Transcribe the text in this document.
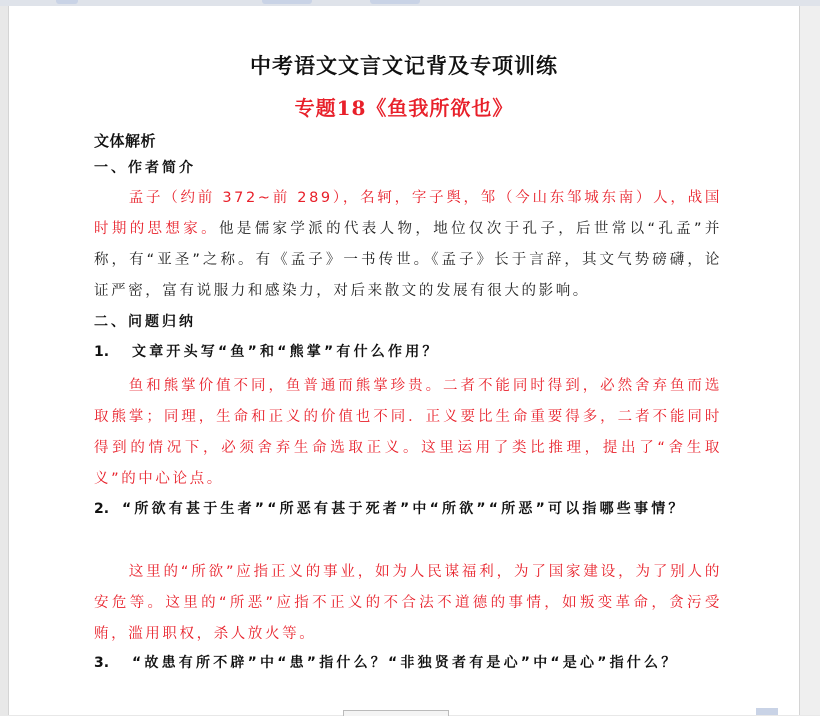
中考语文文言文记背及专项训练
专题18《鱼我所欲也》
文体解析
一、作者简介

孟子（约前 372~前 289），名轲，字子舆，邹（今山东邹城东南）人，战国时期的思想家。他是儒家学派的代表人物，地位仅次于孔子，后世常以“孔孟”并称，有“亚圣”之称。有《孟子》一书传世。《孟子》长于言辞，其文气势磅礴，论证严密，富有说服力和感染力，对后来散文的发展有很大的影响。

二、问题归纳
1. 文章开头写“鱼”和“熊掌”有什么作用？

鱼和熊掌价值不同，鱼普通而熊掌珍贵。二者不能同时得到，必然舍弃鱼而选取熊掌；同理，生命和正义的价值也不同．正义要比生命重要得多，二者不能同时得到的情况下，必须舍弃生命选取正义。这里运用了类比推理，提出了“舍生取义”的中心论点。

2. “所欲有甚于生者”“所恶有甚于死者”中“所欲”“所恶”可以指哪些事情？

这里的“所欲”应指正义的事业，如为人民谋福利，为了国家建设，为了别人的安危等。这里的“所恶”应指不正义的不合法不道德的事情，如叛变革命，贪污受贿，滥用职权，杀人放火等。

3. “故患有所不辟”中“患”指什么？“非独贤者有是心”中“是心”指什么？
